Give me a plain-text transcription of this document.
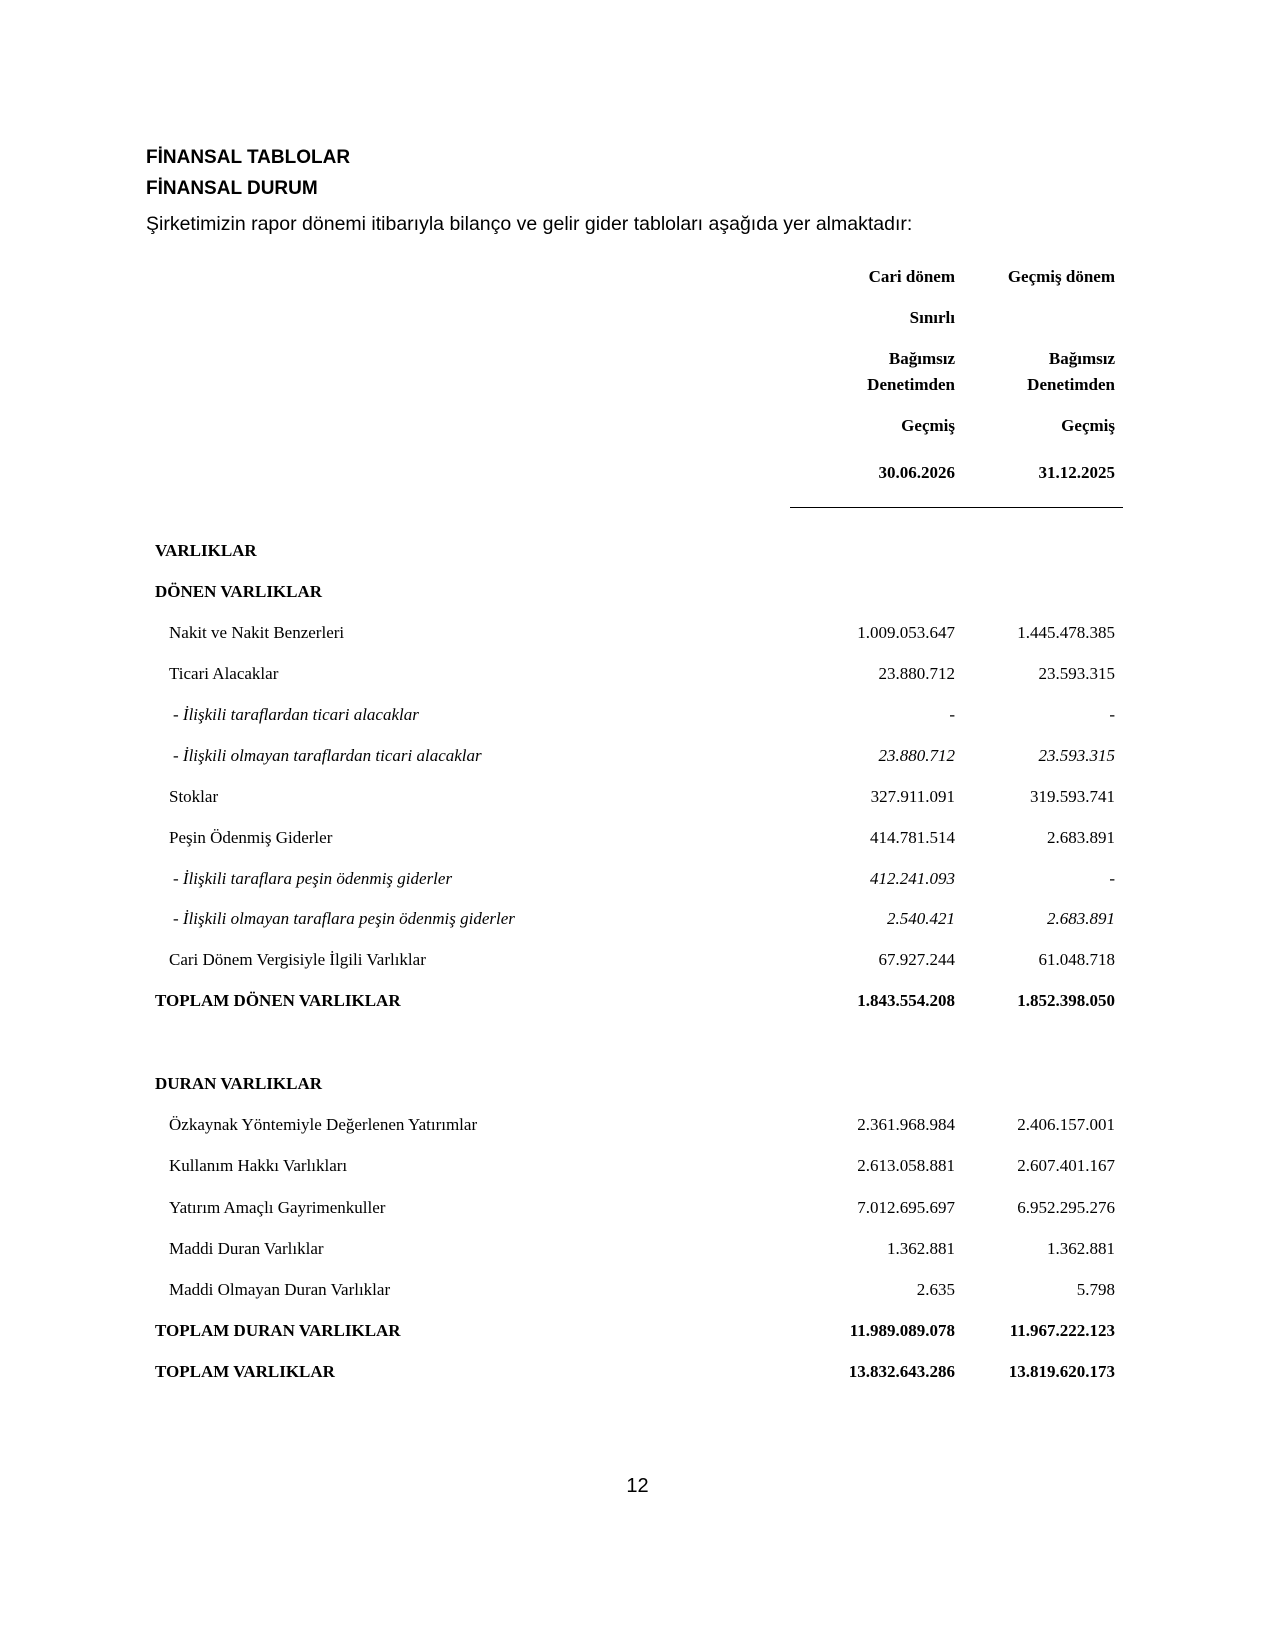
FİNANSAL TABLOLAR
FİNANSAL DURUM
Şirketimizin rapor dönemi itibarıyla bilanço ve gelir gider tabloları aşağıda yer almaktadır:
Cari dönem	Geçmiş dönem
Sınırlı
Bağımsız	Bağımsız
Denetimden	Denetimden
Geçmiş	Geçmiş
30.06.2026	31.12.2025
VARLIKLAR
DÖNEN VARLIKLAR
Nakit ve Nakit Benzerleri	1.009.053.647	1.445.478.385
Ticari Alacaklar	23.880.712	23.593.315
- İlişkili taraflardan ticari alacaklar	-	-
- İlişkili olmayan taraflardan ticari alacaklar	23.880.712	23.593.315
Stoklar	327.911.091	319.593.741
Peşin Ödenmiş Giderler	414.781.514	2.683.891
- İlişkili taraflara peşin ödenmiş giderler	412.241.093	-
- İlişkili olmayan taraflara peşin ödenmiş giderler	2.540.421	2.683.891
Cari Dönem Vergisiyle İlgili Varlıklar	67.927.244	61.048.718
TOPLAM DÖNEN VARLIKLAR	1.843.554.208	1.852.398.050
DURAN VARLIKLAR
Özkaynak Yöntemiyle Değerlenen Yatırımlar	2.361.968.984	2.406.157.001
Kullanım Hakkı Varlıkları	2.613.058.881	2.607.401.167
Yatırım Amaçlı Gayrimenkuller	7.012.695.697	6.952.295.276
Maddi Duran Varlıklar	1.362.881	1.362.881
Maddi Olmayan Duran Varlıklar	2.635	5.798
TOPLAM DURAN VARLIKLAR	11.989.089.078	11.967.222.123
TOPLAM VARLIKLAR	13.832.643.286	13.819.620.173
12
